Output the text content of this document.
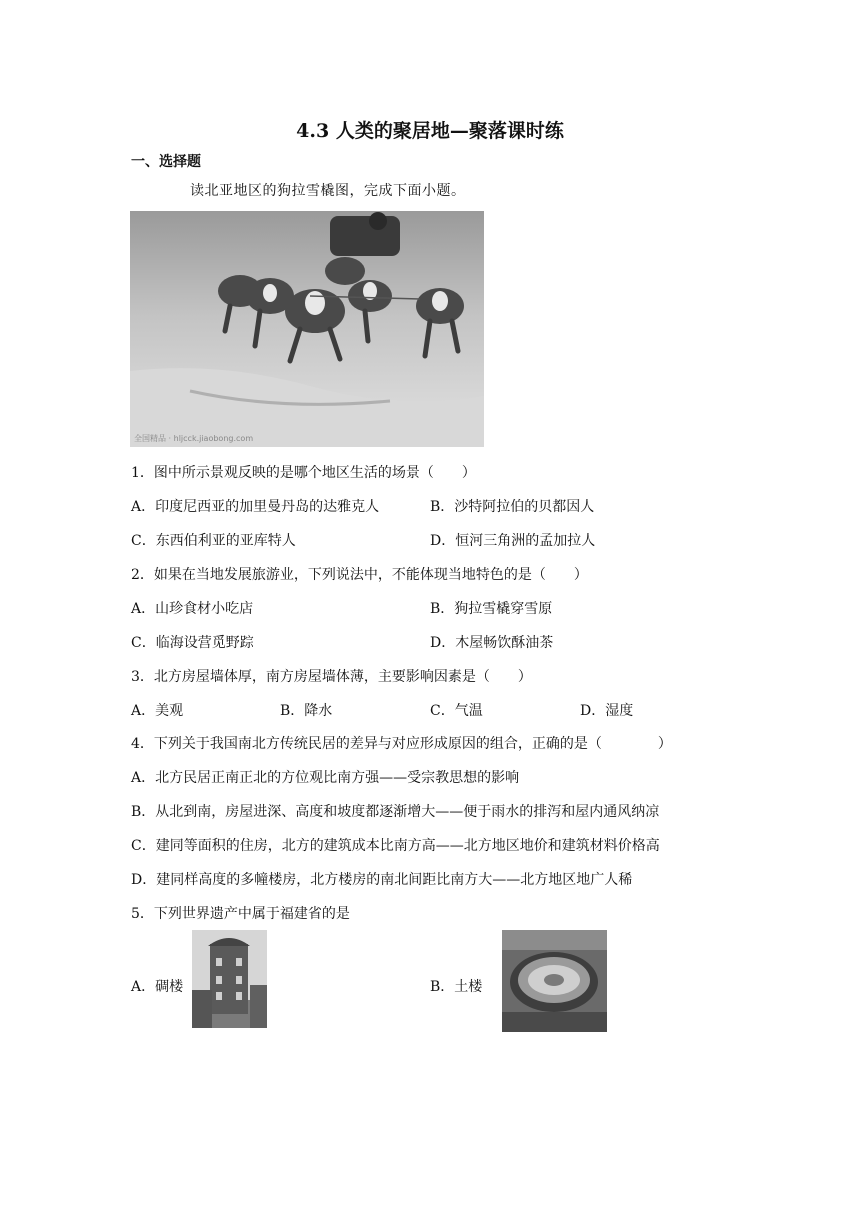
4.3 人类的聚居地—聚落课时练
一、选择题
读北亚地区的狗拉雪橇图，完成下面小题。
全国精品 · hljcck.jiaobong.com
1．图中所示景观反映的是哪个地区生活的场景（　　）
A．印度尼西亚的加里曼丹岛的达雅克人	B．沙特阿拉伯的贝都因人
C．东西伯利亚的亚库特人	D．恒河三角洲的孟加拉人
2．如果在当地发展旅游业，下列说法中，不能体现当地特色的是（　　）
A．山珍食材小吃店	B．狗拉雪橇穿雪原
C．临海设营觅野踪	D．木屋畅饮酥油茶
3．北方房屋墙体厚，南方房屋墙体薄，主要影响因素是（　　）
A．美观	B．降水	C．气温	D．湿度
4．下列关于我国南北方传统民居的差异与对应形成原因的组合，正确的是（　　　　）
A．北方民居正南正北的方位观比南方强——受宗教思想的影响
B．从北到南，房屋进深、高度和坡度都逐渐增大——便于雨水的排泻和屋内通风纳凉
C．建同等面积的住房，北方的建筑成本比南方高——北方地区地价和建筑材料价格高
D．建同样高度的多幢楼房，北方楼房的南北间距比南方大——北方地区地广人稀
5．下列世界遗产中属于福建省的是
A．碉楼	B．土楼
